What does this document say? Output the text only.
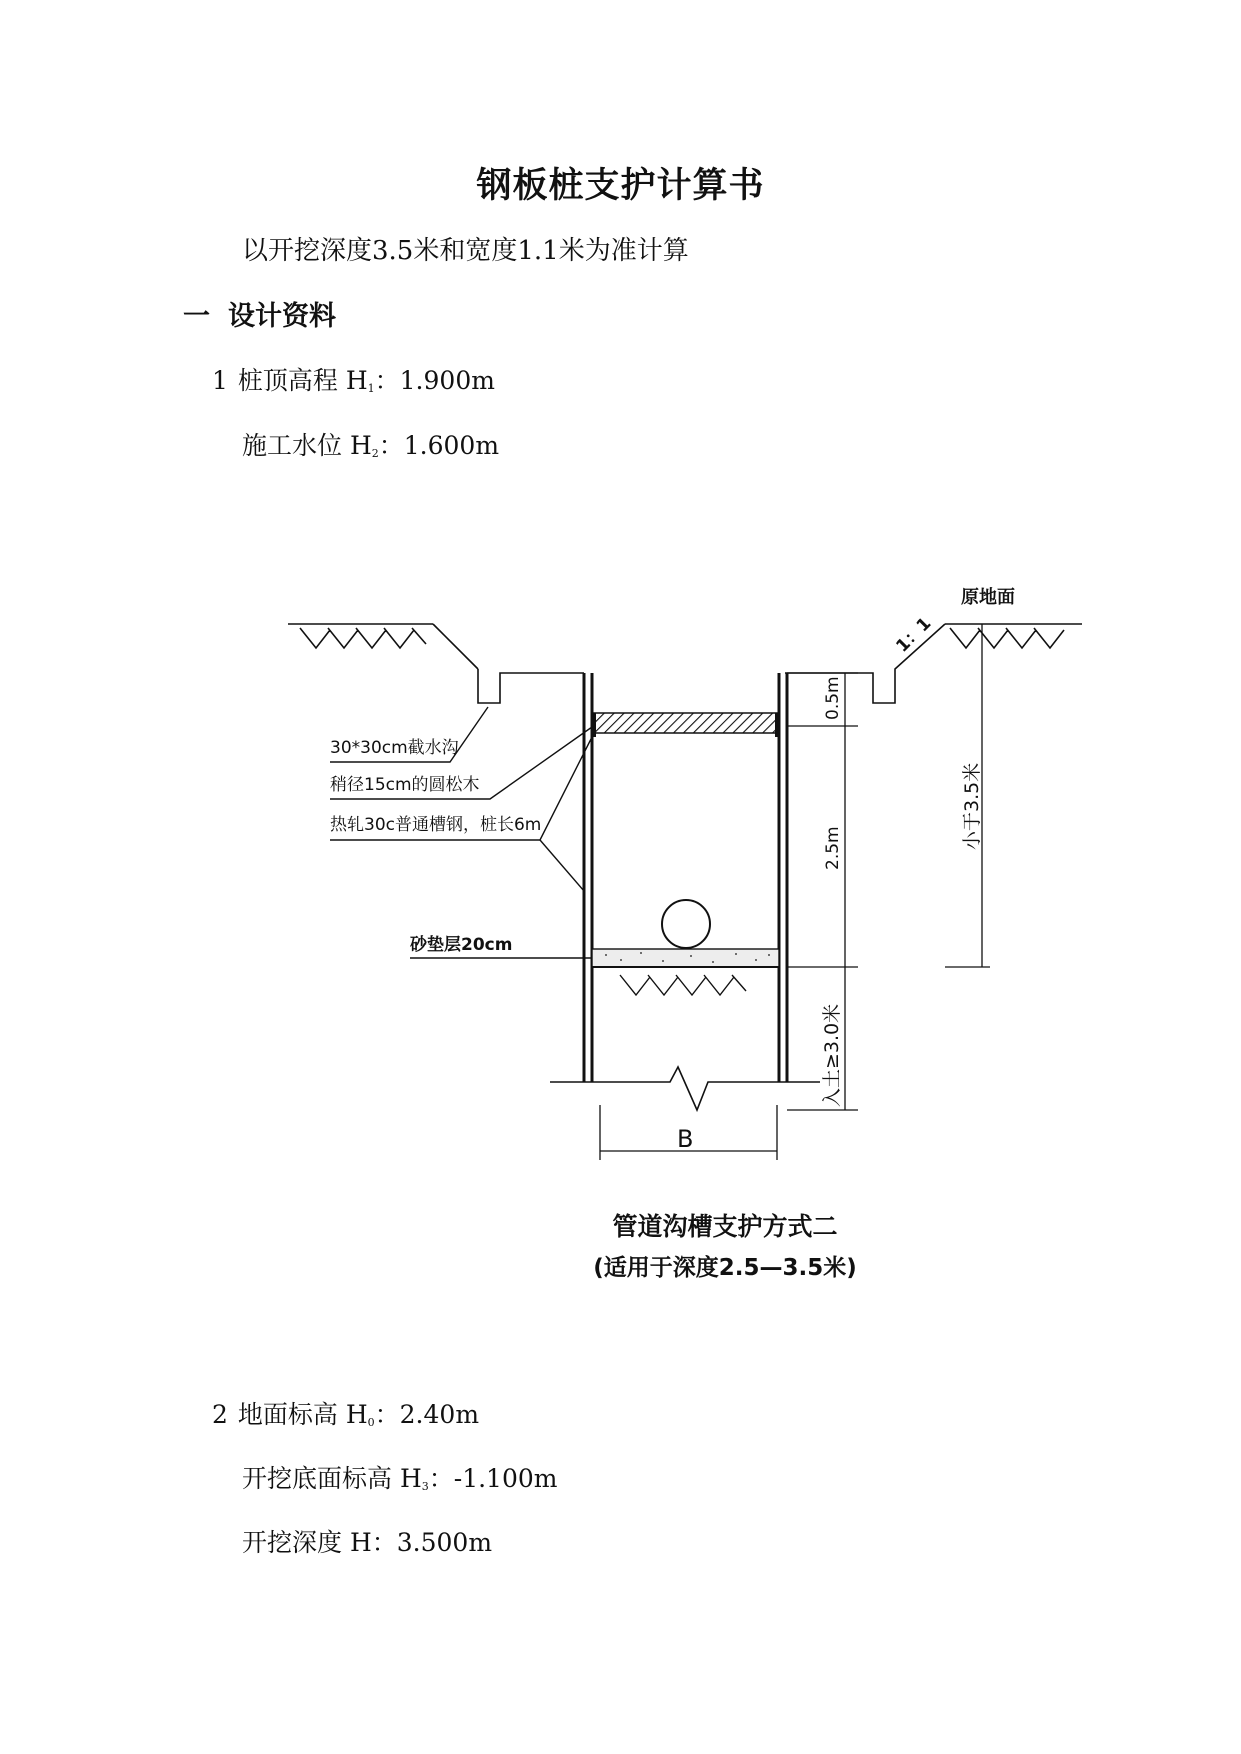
钢板桩支护计算书
以开挖深度3.5米和宽度1.1米为准计算
一 设计资料
1 桩顶高程 $H_1$：1.900m
施工水位 $H_2$：1.600m
原地面
1：1
30*30cm截水沟
稍径15cm的圆松木
热轧30c普通槽钢，桩长6m
砂垫层20cm
0.5m
2.5m	小于3.5米
入土≥3.0米
B
管道沟槽支护方式二
(适用于深度2.5—3.5米)
2 地面标高 $H_0$：2.40m
开挖底面标高 $H_3$：-1.100m
开挖深度 H：3.500m
